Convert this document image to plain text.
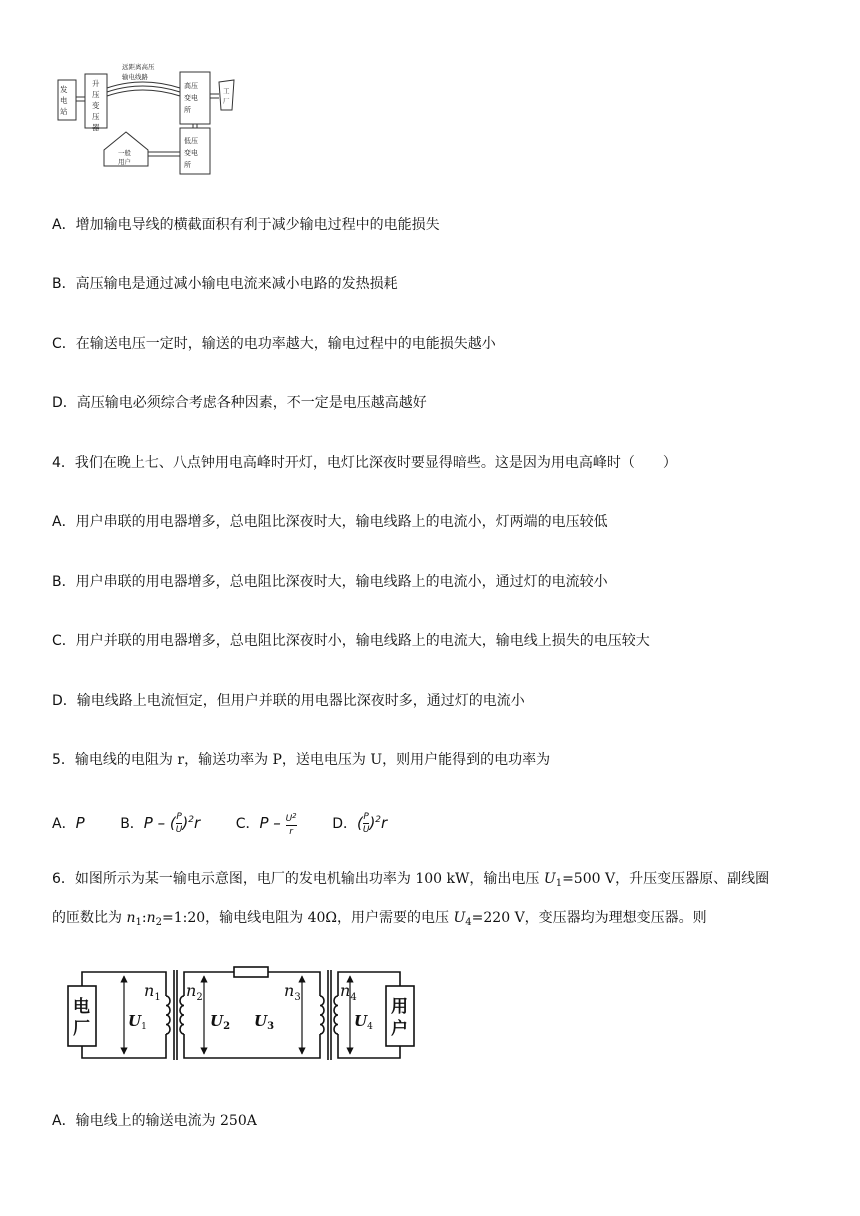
发
电
站
升
压
变
压
器
远距离高压
输电线路
高压
变电
所
工
厂
低压
变电
所
一般
用户
A．增加输电导线的横截面积有利于减少输电过程中的电能损失
B．高压输电是通过减小输电电流来减小电路的发热损耗
C．在输送电压一定时，输送的电功率越大，输电过程中的电能损失越小
D．高压输电必须综合考虑各种因素，不一定是电压越高越好
4．我们在晚上七、八点钟用电高峰时开灯，电灯比深夜时要显得暗些。这是因为用电高峰时（　　）
A．用户串联的用电器增多，总电阻比深夜时大，输电线路上的电流小，灯两端的电压较低
B．用户串联的用电器增多，总电阻比深夜时大，输电线路上的电流小，通过灯的电流较小
C．用户并联的用电器增多，总电阻比深夜时小，输电线路上的电流大，输电线上损失的电压较大
D．输电线路上电流恒定，但用户并联的用电器比深夜时多，通过灯的电流小
5．输电线的电阻为 r，输送功率为 P，送电电压为 U，则用户能得到的电功率为
A．P	B．P – ( $\frac{P}{U} )^2r$	C．P – $\frac{U^2}{r}$	D．( $\frac{P}{U} )^2r$
6．如图所示为某一输电示意图，电厂的发电机输出功率为 100 kW，输出电压 $U_1=500$ V，升压变压器原、副线圈
的匝数比为 $n_1:n_2=1:20$，输电线电阻为 40Ω，用户需要的电压 $U_4=220$ V，变压器均为理想变压器。则
电
厂
用
户
$n_1$ $n_2$	$n_3$ $n_4$
$U_1$	$U_2$ $U_3$	$U_4$
A．输电线上的输送电流为 250A
